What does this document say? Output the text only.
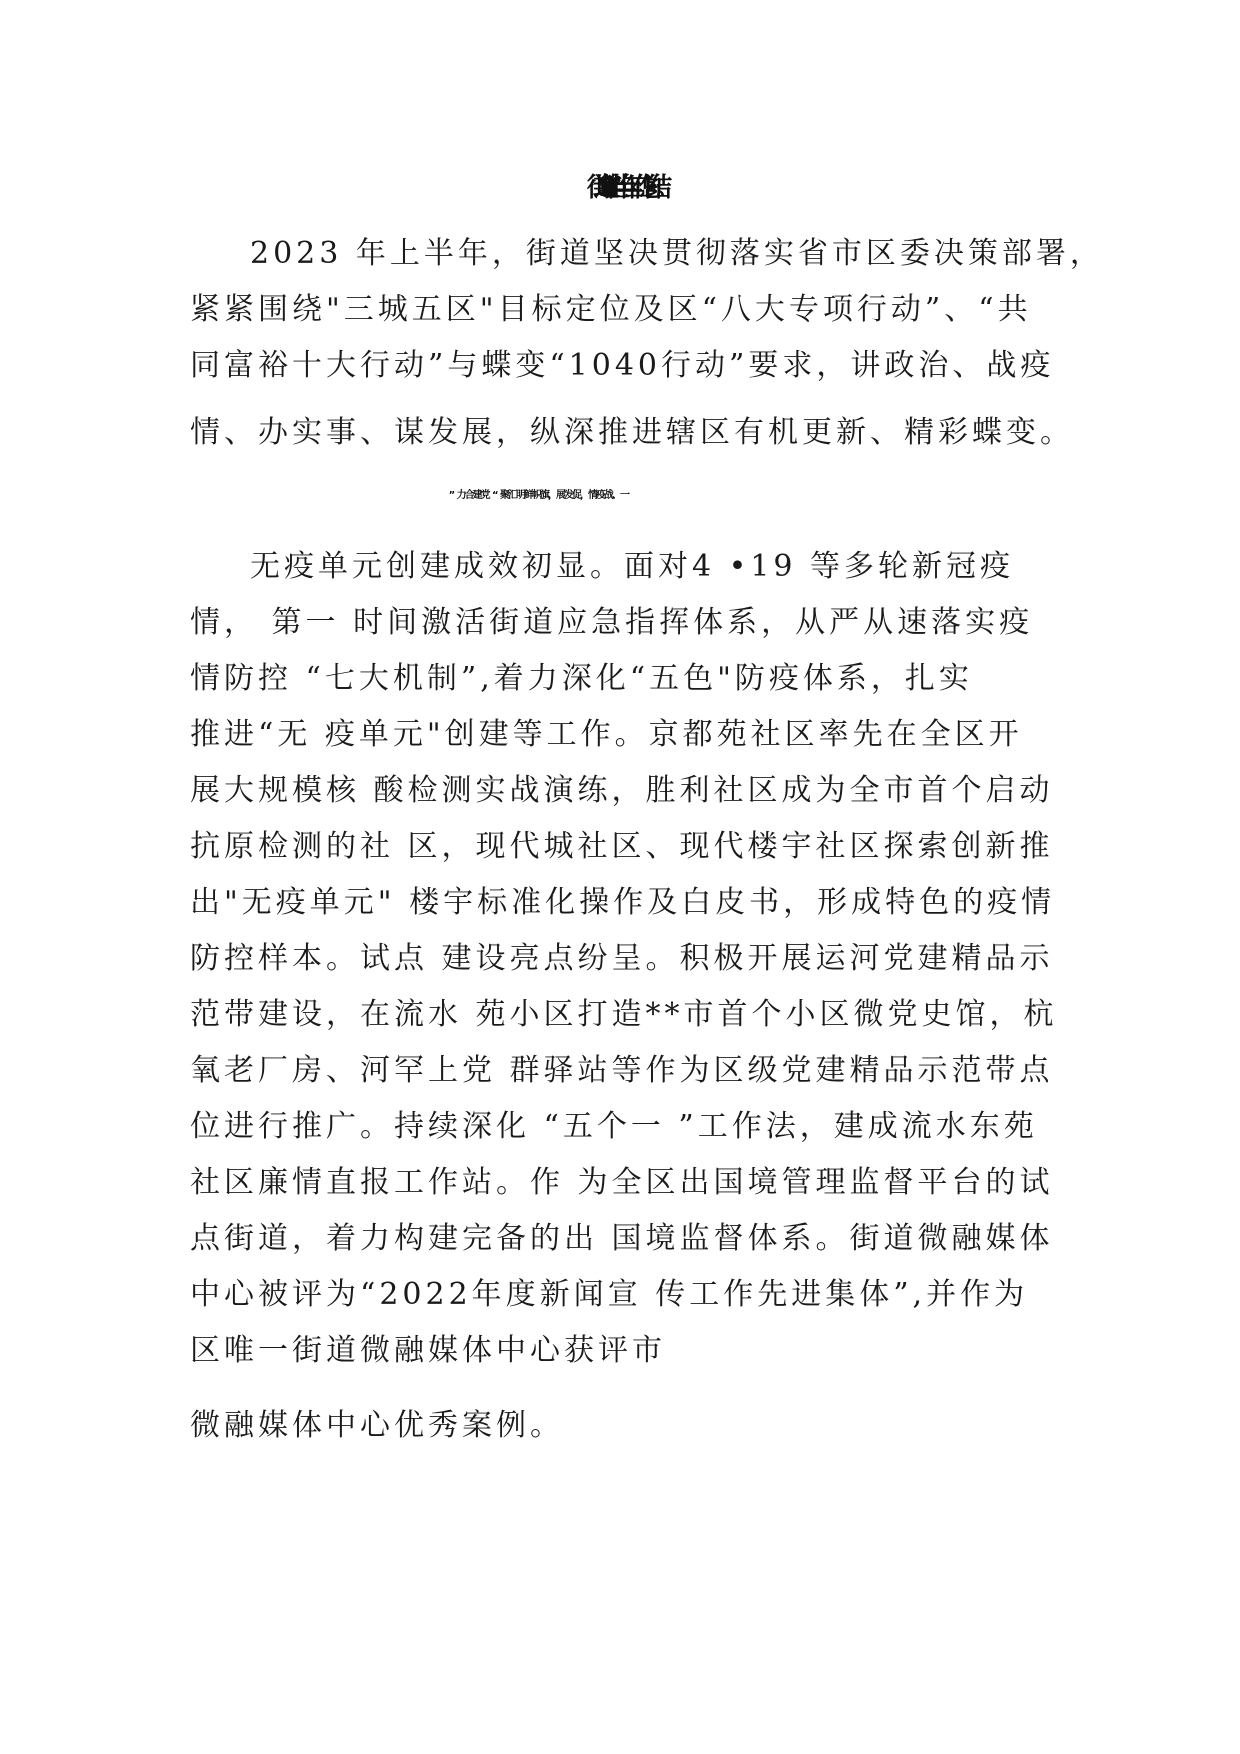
街道2023年上半年工作总结
2023 年上半年，街道坚决贯彻落实省市区委决策部署，
紧紧围绕"三城五区"目标定位及区“八大专项行动”、“共
同富裕十大行动”与蝶变“1040行动”要求，讲政治、战疫
情、办实事、谋发展，纵深推进辖区有机更新、精彩蝶变。
无疫单元创建成效初显。面对4 •19 等多轮新冠疫
情， 第一 时间激活街道应急指挥体系，从严从速落实疫
情防控 “七大机制”,着力深化“五色"防疫体系，扎实
推进“无 疫单元"创建等工作。京都苑社区率先在全区开
展大规模核 酸检测实战演练，胜利社区成为全市首个启动
抗原检测的社 区，现代城社区、现代楼宇社区探索创新推
出"无疫单元" 楼宇标准化操作及白皮书，形成特色的疫情
防控样本。试点 建设亮点纷呈。积极开展运河党建精品示
范带建设，在流水 苑小区打造**市首个小区微党史馆，杭
氧老厂房、河罕上党 群驿站等作为区级党建精品示范带点
位进行推广。持续深化 “五个一 ”工作法，建成流水东苑
社区廉情直报工作站。作 为全区出国境管理监督平台的试
点街道，着力构建完备的出 国境监督体系。街道微融媒体
中心被评为“2022年度新闻宣 传工作先进集体”,并作为
区唯一街道微融媒体中心获评市
微融媒体中心优秀案例。
